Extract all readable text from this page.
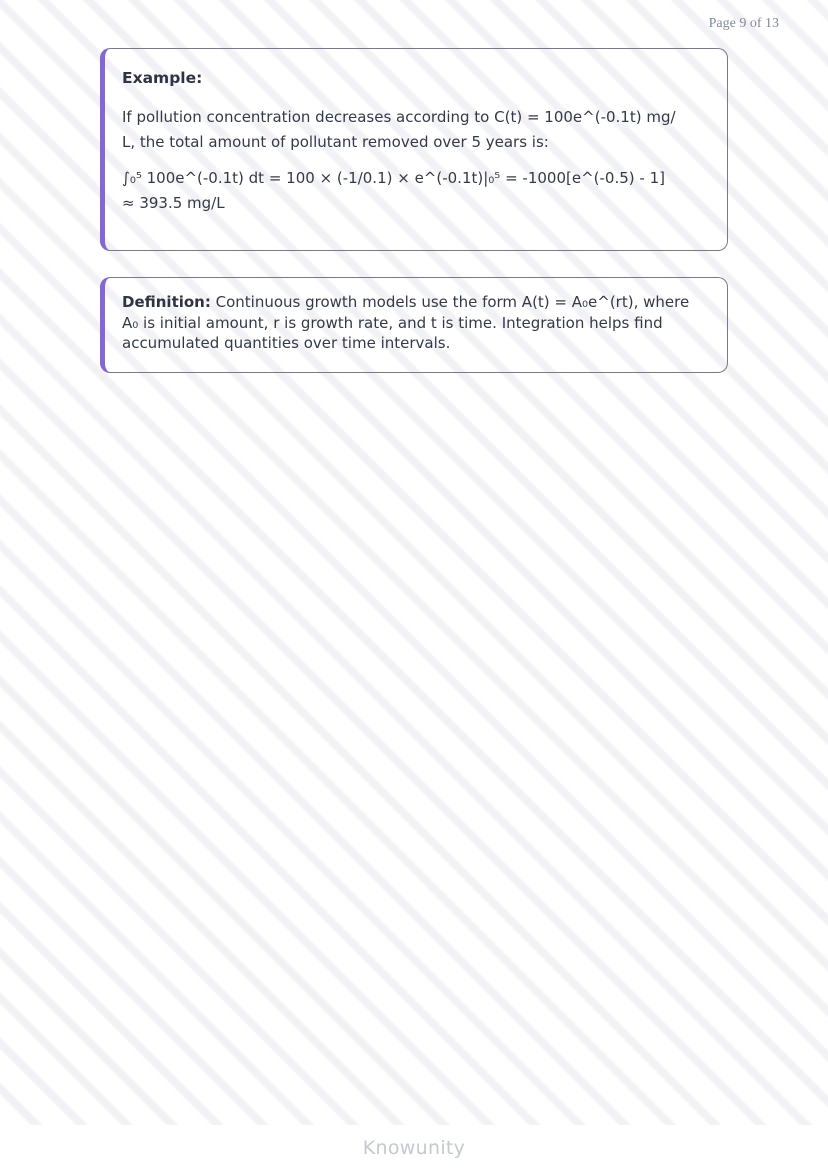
Page 9 of 13
Example:
If pollution concentration decreases according to C(t) = 100e^(-0.1t) mg/
L, the total amount of pollutant removed over 5 years is:
∫₀⁵ 100e^(-0.1t) dt = 100 × (-1/0.1) × e^(-0.1t)|₀⁵ = -1000[e^(-0.5) - 1]
≈ 393.5 mg/L
Definition: Continuous growth models use the form A(t) = A₀e^(rt), where
A₀ is initial amount, r is growth rate, and t is time. Integration helps find
accumulated quantities over time intervals.
Knowunity
